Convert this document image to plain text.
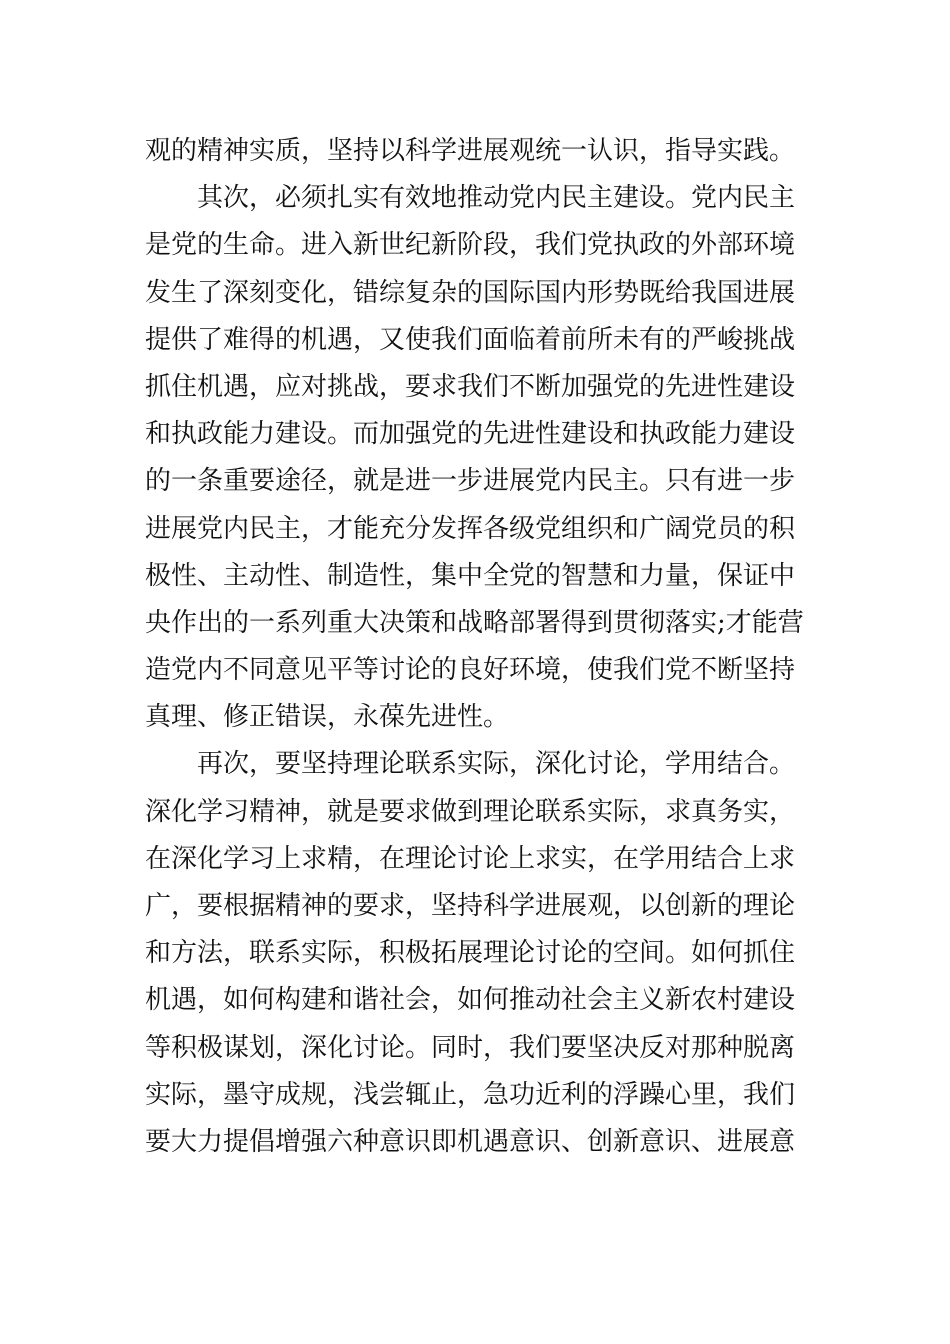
观的精神实质，坚持以科学进展观统一认识，指导实践。
其次，必须扎实有效地推动党内民主建设。党内民主
是党的生命。进入新世纪新阶段，我们党执政的外部环境
发生了深刻变化，错综复杂的国际国内形势既给我国进展
提供了难得的机遇，又使我们面临着前所未有的严峻挑战
抓住机遇，应对挑战，要求我们不断加强党的先进性建设
和执政能力建设。而加强党的先进性建设和执政能力建设
的一条重要途径，就是进一步进展党内民主。只有进一步
进展党内民主，才能充分发挥各级党组织和广阔党员的积
极性、主动性、制造性，集中全党的智慧和力量，保证中
央作出的一系列重大决策和战略部署得到贯彻落实;才能营
造党内不同意见平等讨论的良好环境，使我们党不断坚持
真理、修正错误，永葆先进性。
再次，要坚持理论联系实际，深化讨论，学用结合。
深化学习精神，就是要求做到理论联系实际，求真务实，
在深化学习上求精，在理论讨论上求实，在学用结合上求
广，要根据精神的要求，坚持科学进展观，以创新的理论
和方法，联系实际，积极拓展理论讨论的空间。如何抓住
机遇，如何构建和谐社会，如何推动社会主义新农村建设
等积极谋划，深化讨论。同时，我们要坚决反对那种脱离
实际，墨守成规，浅尝辄止，急功近利的浮躁心里，我们
要大力提倡增强六种意识即机遇意识、创新意识、进展意
